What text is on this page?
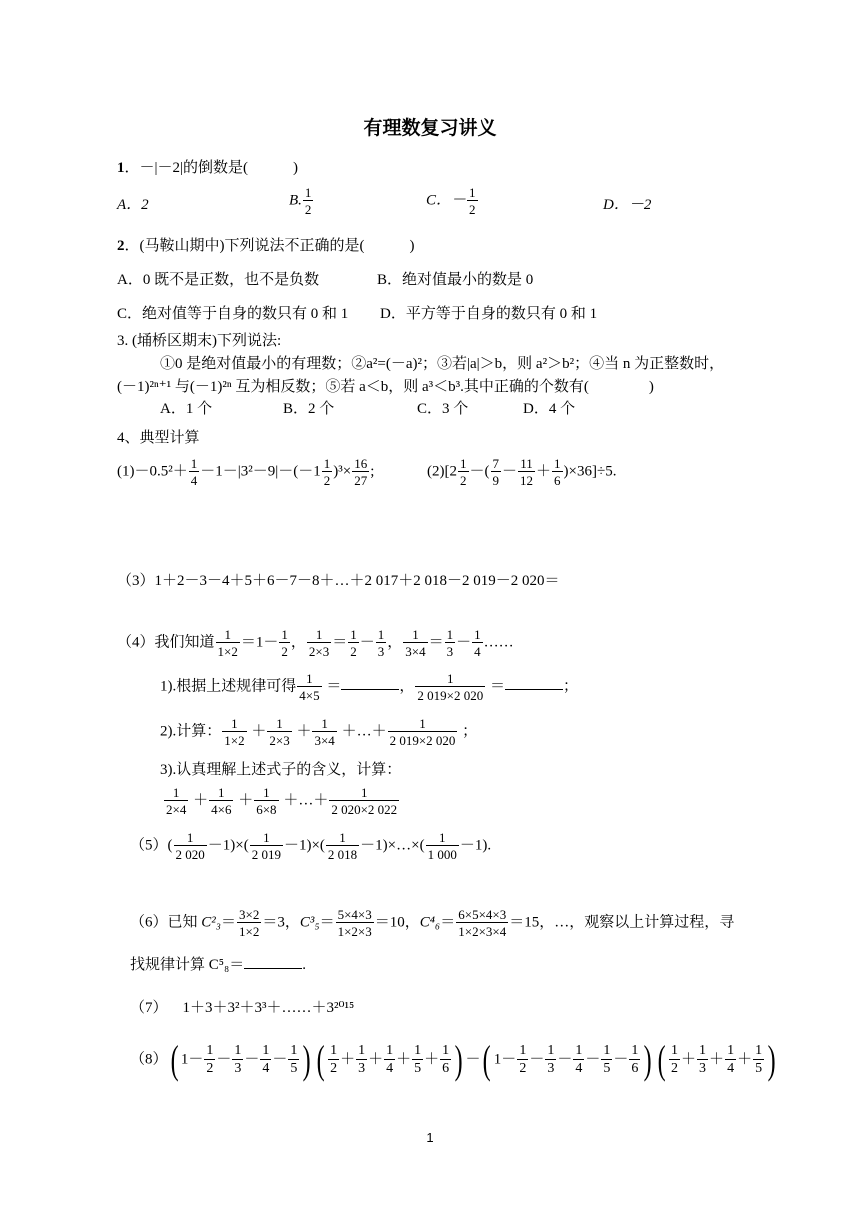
有理数复习讲义
1．－|－2|的倒数是(　　　)
A．2	B. $\frac{1}{2}$	C．－ $\frac{1}{2}$	D．－2
2．(马鞍山期中)下列说法不正确的是(　　　)
A．0 既不是正数，也不是负数	B．绝对值最小的数是 0
C．绝对值等于自身的数只有 0 和 1 D．平方等于自身的数只有 0 和 1
3. (埇桥区期末)下列说法:
①0 是绝对值最小的有理数；②a²=(－a)²；③若|a|＞b，则 a²＞b²；④当 n 为正整数时，
(－1)²ⁿ⁺¹ 与(－1)²ⁿ 互为相反数；⑤若 a＜b，则 a³＜b³.其中正确的个数有(　　　　)
A．1 个	B．2 个	C．3 个	D．4 个
4、典型计算
$(1)-0.5^2+ \frac{1}{4} -1-|3^2-9|-(-1 \frac{1}{2} )^3\times \frac{16}{27}$ ;	$(2)[2 \frac{1}{2}$ －( $\frac{7}{9} - \frac{11}{12} + \frac{1}{6} )\times 36]\div 5$.
（3）1＋2－3－4＋5＋6－7－8＋…＋2 017＋2 018－2 019－2 020＝
（4）我们知道 $\frac{1}{1\times 2} =1- \frac{1}{2}$ ， $\frac{1}{2\times 3} = \frac{1}{2} - \frac{1}{3}$ ， $\frac{1}{3\times 4} = \frac{1}{3} - \frac{1}{4}$ ……
1).根据上述规律可得 $\frac{1}{4\times 5}$ ＝	， $\frac{1}{2 019\times 2 020}$ ＝	；
2).计算： $\frac{1}{1\times 2} + \frac{1}{2\times 3} + \frac{1}{3\times 4}$ ＋…＋ $\frac{1}{2 019\times 2 020}$ ；
3).认真理解上述式子的含义，计算：
$\frac{1}{2\times 4} + \frac{1}{4\times 6} + \frac{1}{6\times 8}$ ＋…＋ $\frac{1}{2 020\times 2 022}$
$(5)( \frac{1}{2 020} -1)\times( \frac{1}{2 019} -1)\times( \frac{1}{2 018}$ －1)×…×( $\frac{1}{1 000} -1$).
（6）已知 $C^2_3= \frac{3\times 2}{1\times 2} =3$，$C^3_5= \frac{5\times 4\times 3}{1\times 2\times 3} =10$，$C^4_6= \frac{6\times 5\times 4\times 3}{1\times 2\times 3\times 4} =15$，…，观察以上计算过程，寻
找规律计算 C⁵₈＝	.
（7） 1＋3＋3²＋3³＋……＋3²⁰¹⁵
（8）( $1- \frac{1}{2} - \frac{1}{3} - \frac{1}{4} - \frac{1}{5}$ ) ( $\frac{1}{2} + \frac{1}{3} + \frac{1}{4} + \frac{1}{5} + \frac{1}{6}$ ) －( $1- \frac{1}{2} - \frac{1}{3} - \frac{1}{4} - \frac{1}{5} - \frac{1}{6}$ ) ( $\frac{1}{2} + \frac{1}{3} + \frac{1}{4} + \frac{1}{5}$ )
1
